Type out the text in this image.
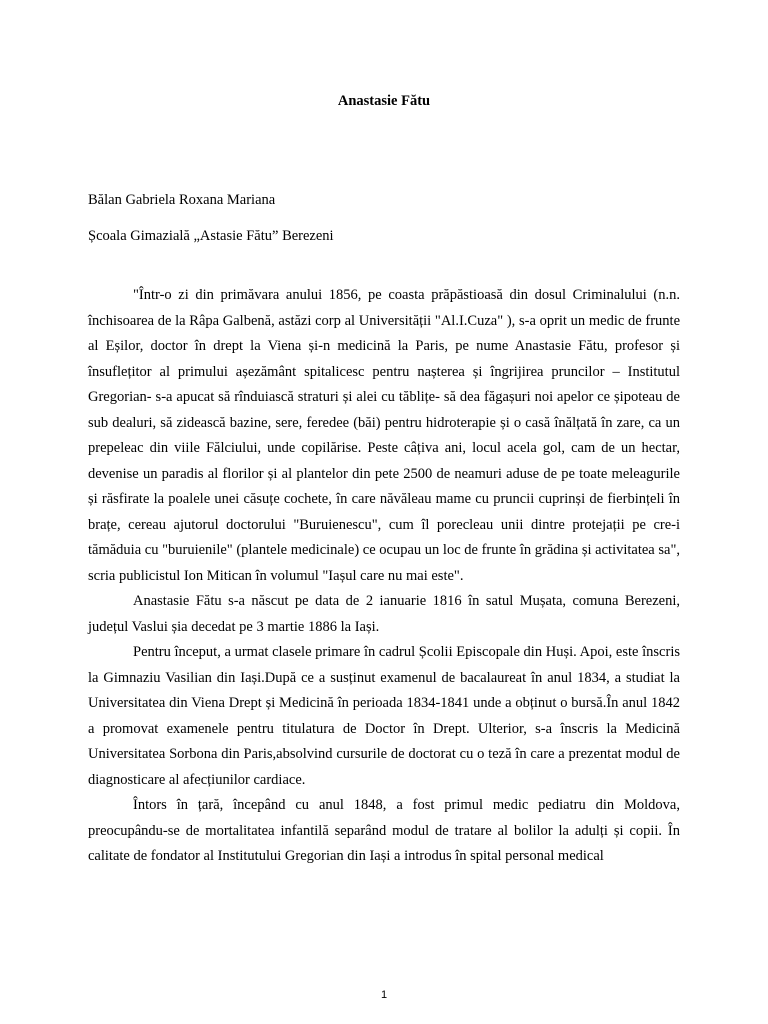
Anastasie Fătu
Bălan Gabriela Roxana Mariana
Școala Gimazială „Astasie Fătu” Berezeni

"Într-o zi din primăvara anului 1856, pe coasta prăpăstioasă din dosul Criminalului (n.n. închisoarea de la Râpa Galbenă, astăzi corp al Universității "Al.I.Cuza" ), s-a oprit un medic de frunte al Eșilor, doctor în drept la Viena și-n medicină la Paris, pe nume Anastasie Fătu, profesor și însuflețitor al primului așezământ spitalicesc pentru nașterea și îngrijirea pruncilor – Institutul Gregorian- s-a apucat să rînduiască straturi și alei cu tăblițe- să dea făgașuri noi apelor ce șipoteau de sub dealuri, să zidească bazine, sere, feredee (băi) pentru hidroterapie și o casă înălțată în zare, ca un prepeleac din viile Fălciului, unde copilărise. Peste câțiva ani, locul acela gol, cam de un hectar, devenise un paradis al florilor și al plantelor din pete 2500 de neamuri aduse de pe toate meleagurile și răsfirate la poalele unei căsuțe cochete, în care năvăleau mame cu pruncii cuprinși de fierbințeli în brațe, cereau ajutorul doctorului "Buruienescu", cum îl porecleau unii dintre protejații pe cre-i tămăduia cu "buruienile" (plantele medicinale) ce ocupau un loc de frunte în grădina și activitatea sa", scria publicistul Ion Mitican în volumul "Iașul care nu mai este".

Anastasie Fătu s-a născut pe data de 2 ianuarie 1816 în satul Mușata, comuna Berezeni, județul Vaslui șia decedat pe 3 martie 1886 la Iași.

Pentru început, a urmat clasele primare în cadrul Școlii Episcopale din Huși. Apoi, este înscris la Gimnaziu Vasilian din Iași.După ce a susținut examenul de bacalaureat în anul 1834, a studiat la Universitatea din Viena Drept și Medicină în perioada 1834-1841 unde a obținut o bursă.În anul 1842 a promovat examenele pentru titulatura de Doctor în Drept. Ulterior, s-a înscris la Medicină Universitatea Sorbona din Paris,absolvind cursurile de doctorat cu o teză în care a prezentat modul de diagnosticare al afecțiunilor cardiace.

Întors în țară, începând cu anul 1848, a fost primul medic pediatru din Moldova, preocupându-se de mortalitatea infantilă separând modul de tratare al bolilor la adulți și copii. În calitate de fondator al Institutului Gregorian din Iași a introdus în spital personal medical

1
